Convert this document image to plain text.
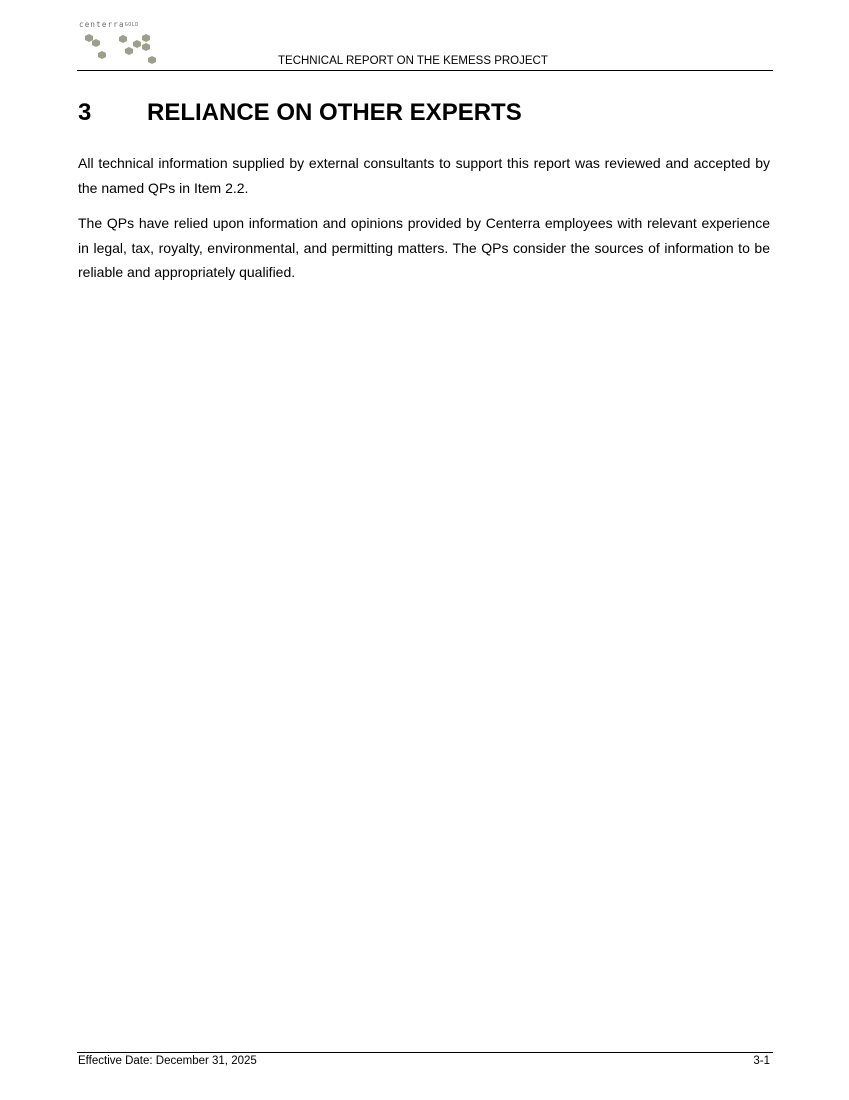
centerraGOLD
TECHNICAL REPORT ON THE KEMESS PROJECT
3 RELIANCE ON OTHER EXPERTS

All technical information supplied by external consultants to support this report was reviewed and accepted by the named QPs in Item 2.2.

The QPs have relied upon information and opinions provided by Centerra employees with relevant experience in legal, tax, royalty, environmental, and permitting matters. The QPs consider the sources of information to be reliable and appropriately qualified.

Effective Date: December 31, 2025	3-1
